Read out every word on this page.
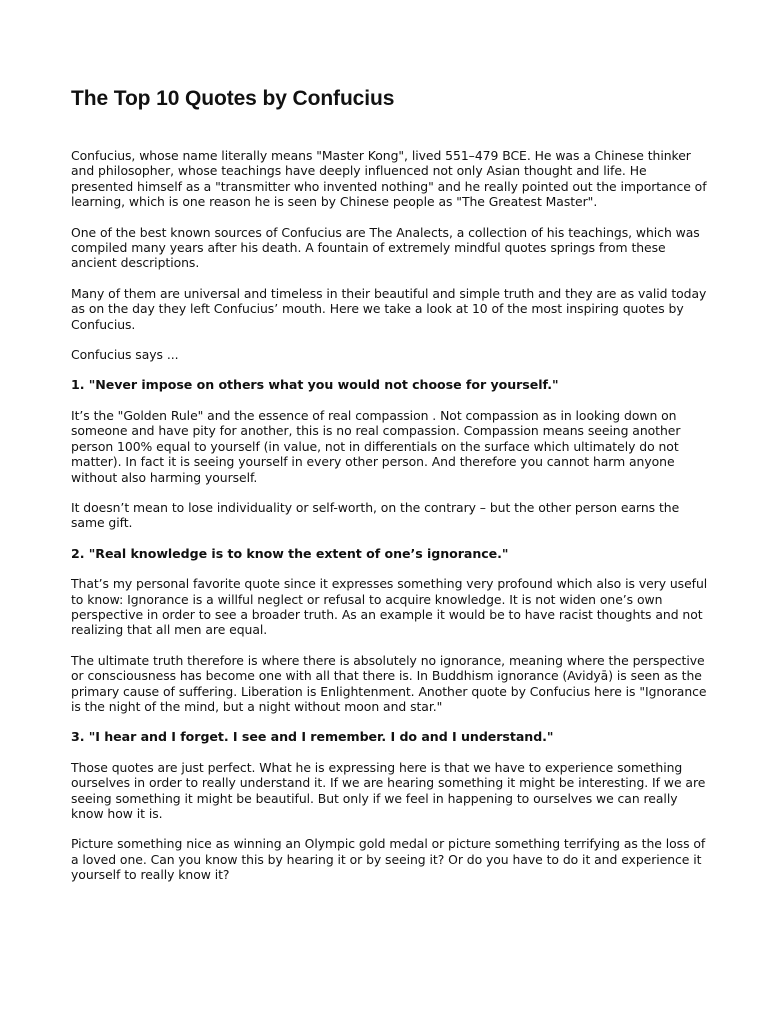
The Top 10 Quotes by Confucius

Confucius, whose name literally means "Master Kong", lived 551–479 BCE. He was a Chinese thinker and philosopher, whose teachings have deeply influenced not only Asian thought and life. He presented himself as a "transmitter who invented nothing" and he really pointed out the importance of learning, which is one reason he is seen by Chinese people as "The Greatest Master".

One of the best known sources of Confucius are The Analects, a collection of his teachings, which was compiled many years after his death. A fountain of extremely mindful quotes springs from these ancient descriptions.

Many of them are universal and timeless in their beautiful and simple truth and they are as valid today as on the day they left Confucius’ mouth. Here we take a look at 10 of the most inspiring quotes by Confucius.

Confucius says ...

1. "Never impose on others what you would not choose for yourself."

It’s the "Golden Rule" and the essence of real compassion . Not compassion as in looking down on someone and have pity for another, this is no real compassion. Compassion means seeing another person 100% equal to yourself (in value, not in differentials on the surface which ultimately do not matter). In fact it is seeing yourself in every other person. And therefore you cannot harm anyone without also harming yourself.

It doesn’t mean to lose individuality or self-worth, on the contrary – but the other person earns the same gift.

2. "Real knowledge is to know the extent of one’s ignorance."

That’s my personal favorite quote since it expresses something very profound which also is very useful to know: Ignorance is a willful neglect or refusal to acquire knowledge. It is not widen one’s own perspective in order to see a broader truth. As an example it would be to have racist thoughts and not realizing that all men are equal.

The ultimate truth therefore is where there is absolutely no ignorance, meaning where the perspective or consciousness has become one with all that there is. In Buddhism ignorance (Avidyā) is seen as the primary cause of suffering. Liberation is Enlightenment. Another quote by Confucius here is "Ignorance is the night of the mind, but a night without moon and star."

3. "I hear and I forget. I see and I remember. I do and I understand."

Those quotes are just perfect. What he is expressing here is that we have to experience something ourselves in order to really understand it. If we are hearing something it might be interesting. If we are seeing something it might be beautiful. But only if we feel in happening to ourselves we can really know how it is.

Picture something nice as winning an Olympic gold medal or picture something terrifying as the loss of a loved one. Can you know this by hearing it or by seeing it? Or do you have to do it and experience it yourself to really know it?
